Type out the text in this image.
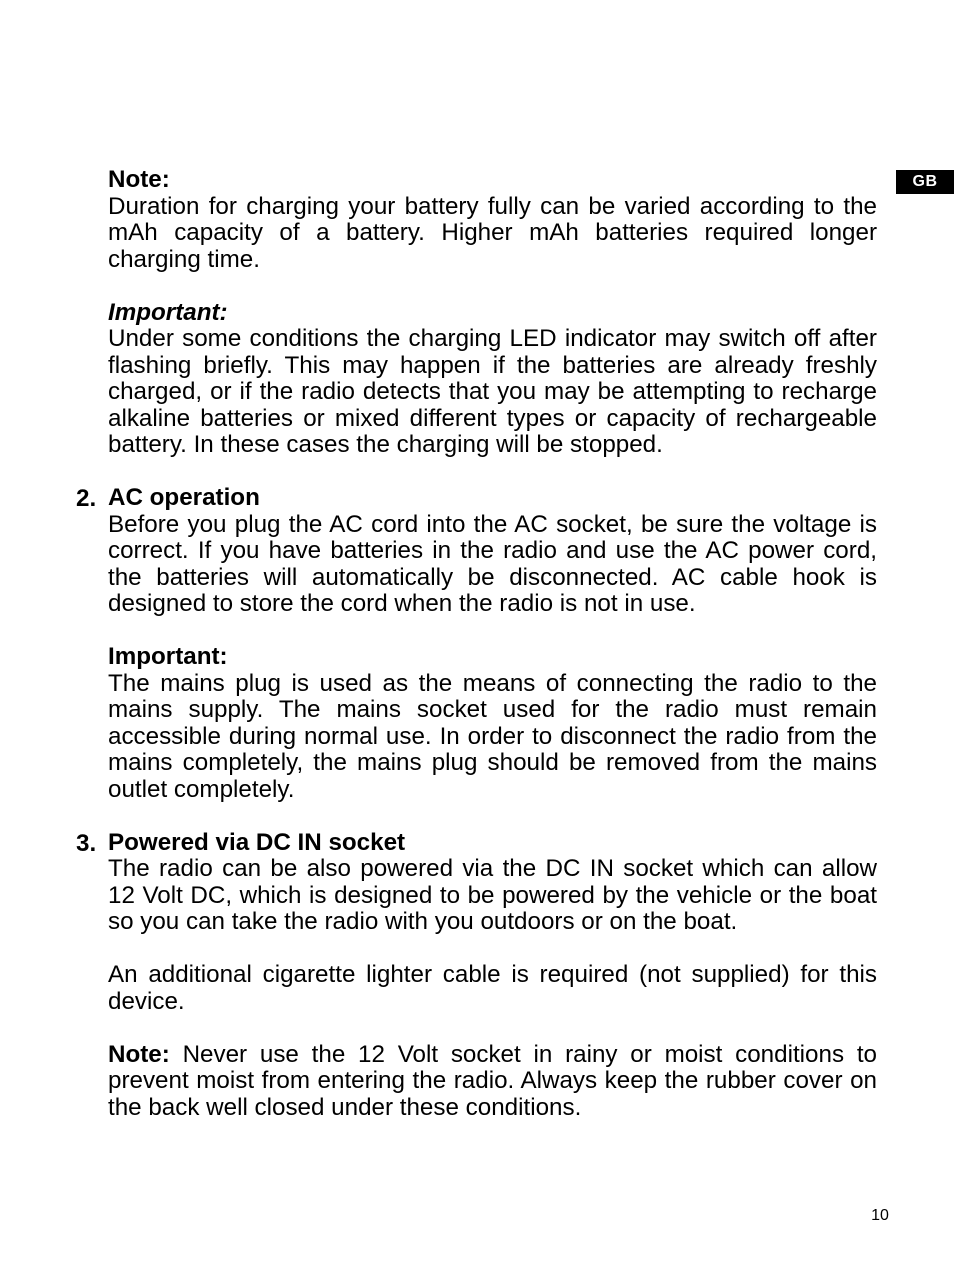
GB
Note:
Duration for charging your battery fully can be varied according to the mAh capacity of a battery. Higher mAh batteries required longer charging time.
Important:
Under some conditions the charging LED indicator may switch off after flashing briefly. This may happen if the batteries are already freshly charged, or if the radio detects that you may be attempting to recharge alkaline batteries or mixed different types or capacity of rechargeable battery. In these cases the charging will be stopped.
2. AC operation
Before you plug the AC cord into the AC socket, be sure the voltage is correct. If you have batteries in the radio and use the AC power cord, the batteries will automatically be disconnected. AC cable hook is designed to store the cord when the radio is not in use.
Important:
The mains plug is used as the means of connecting the radio to the mains supply. The mains socket used for the radio must remain accessible during normal use. In order to disconnect the radio from the mains completely, the mains plug should be removed from the mains outlet completely.
3. Powered via DC IN socket
The radio can be also powered via the DC IN socket which can allow 12 Volt DC, which is designed to be powered by the vehicle or the boat so you can take the radio with you outdoors or on the boat.
An additional cigarette lighter cable is required (not supplied) for this device.
Note: Never use the 12 Volt socket in rainy or moist conditions to prevent moist from entering the radio. Always keep the rubber cover on the back well closed under these conditions.
10
